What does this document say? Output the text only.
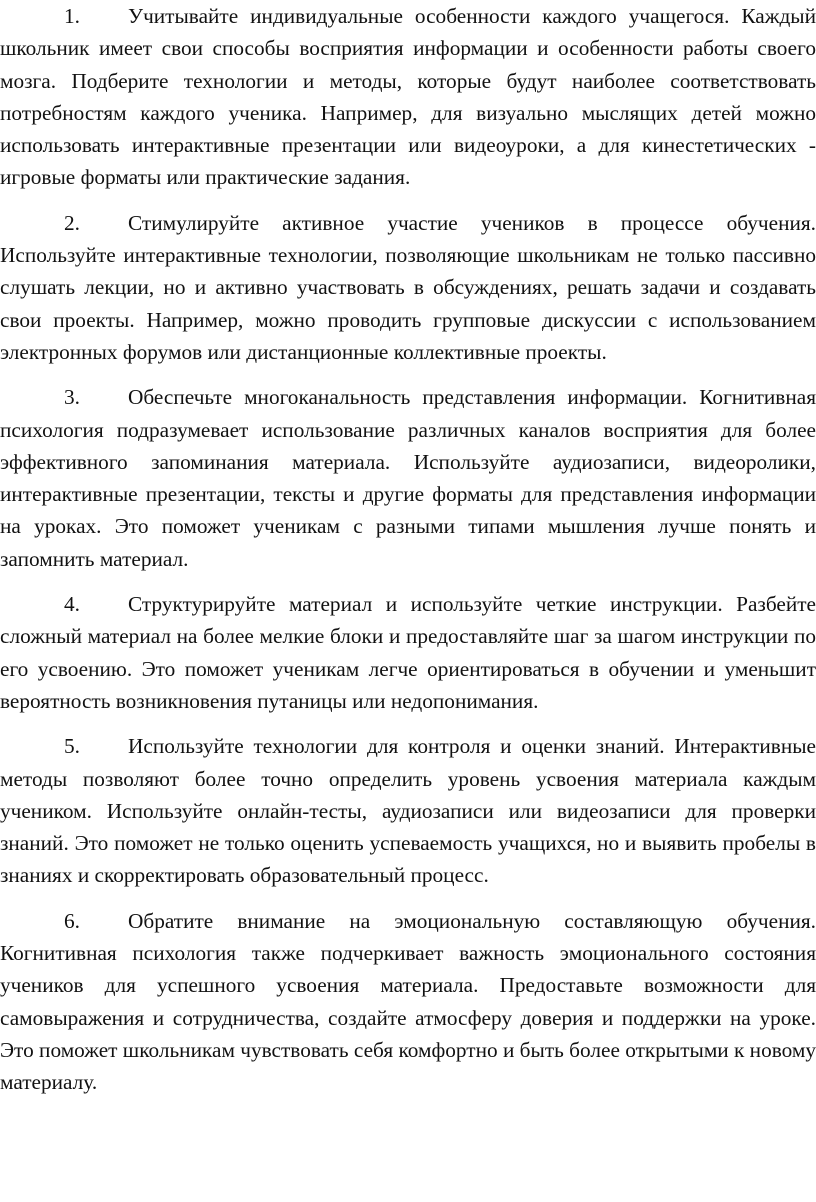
1. Учитывайте индивидуальные особенности каждого учащегося. Каждый школьник имеет свои способы восприятия информации и особенности работы своего мозга. Подберите технологии и методы, которые будут наиболее соответствовать потребностям каждого ученика. Например, для визуально мыслящих детей можно использовать интерактивные презентации или видеоуроки, а для кинестетических - игровые форматы или практические задания.

2. Стимулируйте активное участие учеников в процессе обучения. Используйте интерактивные технологии, позволяющие школьникам не только пассивно слушать лекции, но и активно участвовать в обсуждениях, решать задачи и создавать свои проекты. Например, можно проводить групповые дискуссии с использованием электронных форумов или дистанционные коллективные проекты.

3. Обеспечьте многоканальность представления информации. Когнитивная психология подразумевает использование различных каналов восприятия для более эффективного запоминания материала. Используйте аудиозаписи, видеоролики, интерактивные презентации, тексты и другие форматы для представления информации на уроках. Это поможет ученикам с разными типами мышления лучше понять и запомнить материал.

4. Структурируйте материал и используйте четкие инструкции. Разбейте сложный материал на более мелкие блоки и предоставляйте шаг за шагом инструкции по его усвоению. Это поможет ученикам легче ориентироваться в обучении и уменьшит вероятность возникновения путаницы или недопонимания.

5. Используйте технологии для контроля и оценки знаний. Интерактивные методы позволяют более точно определить уровень усвоения материала каждым учеником. Используйте онлайн-тесты, аудиозаписи или видеозаписи для проверки знаний. Это поможет не только оценить успеваемость учащихся, но и выявить пробелы в знаниях и скорректировать образовательный процесс.

6. Обратите внимание на эмоциональную составляющую обучения. Когнитивная психология также подчеркивает важность эмоционального состояния учеников для успешного усвоения материала. Предоставьте возможности для самовыражения и сотрудничества, создайте атмосферу доверия и поддержки на уроке. Это поможет школьникам чувствовать себя комфортно и быть более открытыми к новому материалу.
